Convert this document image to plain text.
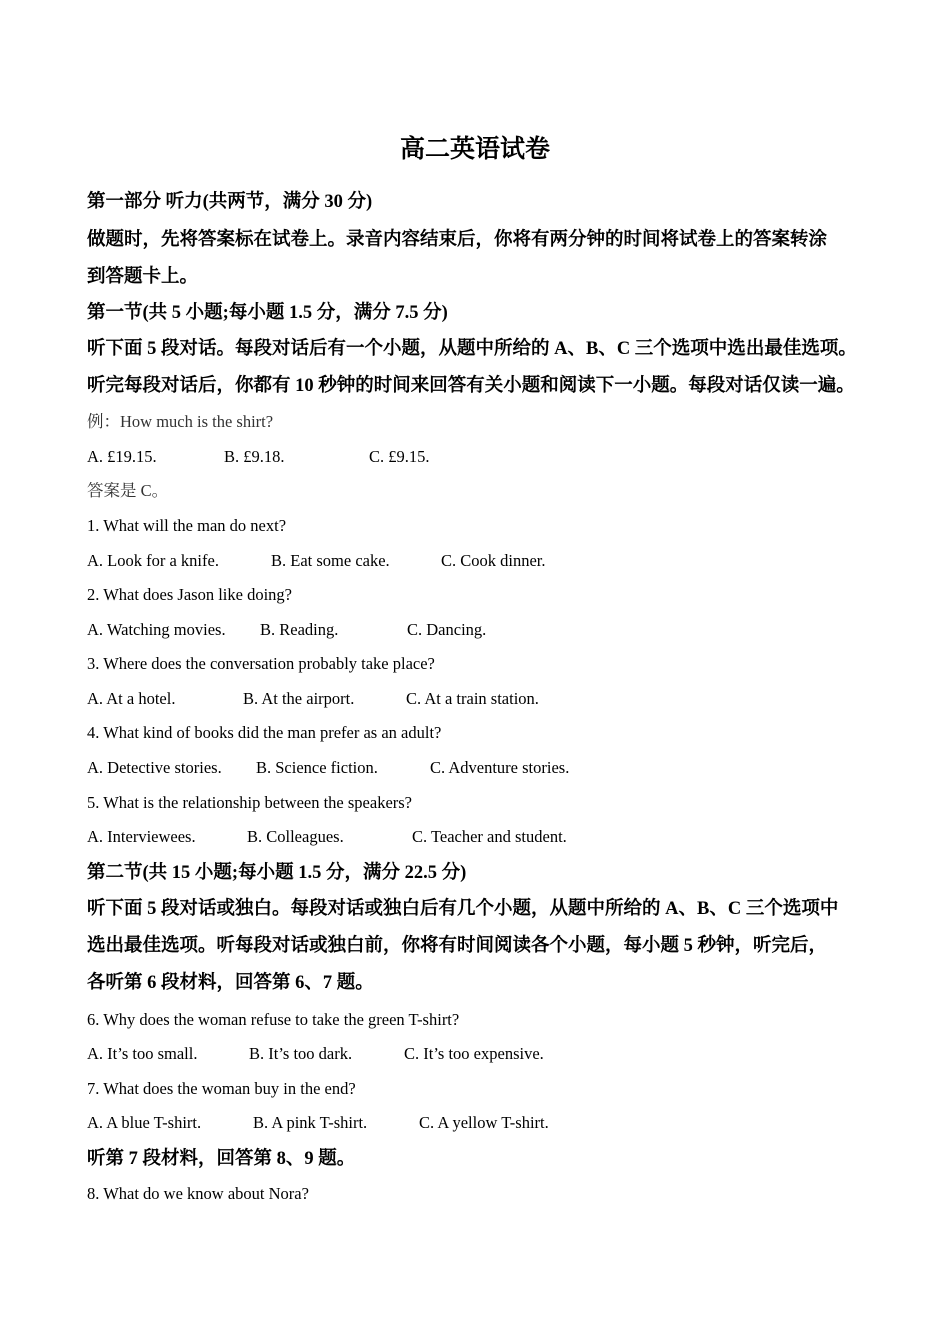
高二英语试卷
第一部分 听力(共两节，满分 30 分)
做题时，先将答案标在试卷上。录音内容结束后，你将有两分钟的时间将试卷上的答案转涂
到答题卡上。
第一节(共 5 小题;每小题 1.5 分，满分 7.5 分)
听下面 5 段对话。每段对话后有一个小题，从题中所给的 A、B、C 三个选项中选出最佳选项。
听完每段对话后，你都有 10 秒钟的时间来回答有关小题和阅读下一小题。每段对话仅读一遍。
例：How much is the shirt?
A. £19.15.	B. £9.18.	C. £9.15.
答案是 C。
1. What will the man do next?
A. Look for a knife.	B. Eat some cake.	C. Cook dinner.
2. What does Jason like doing?
A. Watching movies. B. Reading.	C. Dancing.
3. Where does the conversation probably take place?
A. At a hotel.	B. At the airport.	C. At a train station.
4. What kind of books did the man prefer as an adult?
A. Detective stories. B. Science fiction.	C. Adventure stories.
5. What is the relationship between the speakers?
A. Interviewees.	B. Colleagues.	C. Teacher and student.
第二节(共 15 小题;每小题 1.5 分，满分 22.5 分)
听下面 5 段对话或独白。每段对话或独白后有几个小题，从题中所给的 A、B、C 三个选项中
选出最佳选项。听每段对话或独白前，你将有时间阅读各个小题，每小题 5 秒钟，听完后，
各听第 6 段材料，回答第 6、7 题。
6. Why does the woman refuse to take the green T-shirt?
A. It’s too small.	B. It’s too dark.	C. It’s too expensive.
7. What does the woman buy in the end?
A. A blue T-shirt.	B. A pink T-shirt.	C. A yellow T-shirt.
听第 7 段材料，回答第 8、9 题。
8. What do we know about Nora?
